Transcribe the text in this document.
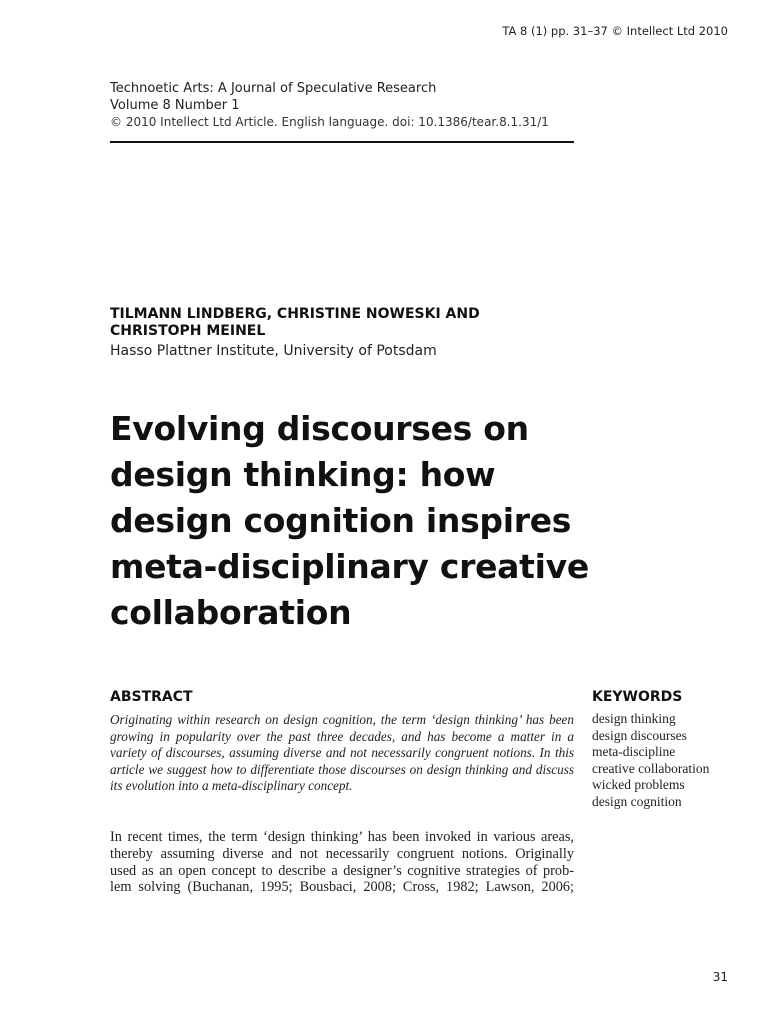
TA 8 (1) pp. 31–37 © Intellect Ltd 2010
Technoetic Arts: A Journal of Speculative Research
Volume 8 Number 1
© 2010 Intellect Ltd Article. English language. doi: 10.1386/tear.8.1.31/1
TILMANN LINDBERG, CHRISTINE NOWESKI AND
CHRISTOPH MEINEL
Hasso Plattner Institute, University of Potsdam
Evolving discourses on
design thinking: how
design cognition inspires
meta-disciplinary creative
collaboration
ABSTRACT

Originating within research on design cognition, the term ‘design thinking’ has been growing in popularity over the past three decades, and has become a matter in a variety of discourses, assuming diverse and not necessarily congruent notions. In this article we suggest how to differentiate those discourses on design thinking and discuss its evolution into a meta-disciplinary concept.

KEYWORDS
design thinking
design discourses
meta-discipline
creative collaboration
wicked problems
design cognition

In recent times, the term ‘design thinking’ has been invoked in various areas,
thereby assuming diverse and not necessarily congruent notions. Originally
used as an open concept to describe a designer’s cognitive strategies of prob-
lem solving (Buchanan, 1995; Bousbaci, 2008; Cross, 1982; Lawson, 2006;

31
